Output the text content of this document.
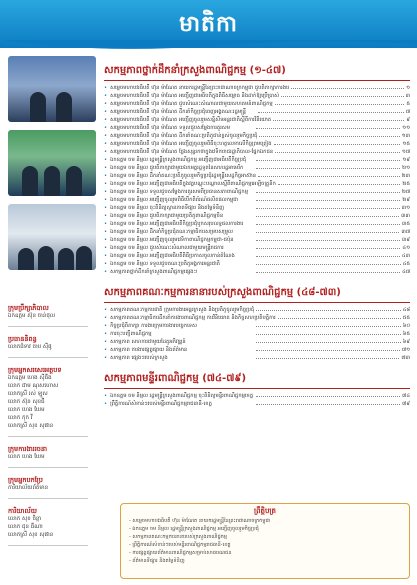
មាតិកា
ក្រុមប្រឹក្សាភិបាល
ឯកឧត្តម ស៊ុន ចាន់ថុល
ប្រធាននិពន្ធ
លោកជំទាវ ចាប ស៊ីផូ
ក្រុមអ្នកសរសេរអត្ថបទ
ឯកឧត្តម ហេង ស៊ីធីង
លោក ជាម ណុសហោស
លោកស្រី រស់ ឡូស
លោក ស៊ុន សុខធី
លោក ហេង ឃែម
លោក កុក វី
លោកស្រី សុខ សុផាន
ក្រុមការងាររចនា
លោក ហេង ឃែម
ក្រុមអ្នកបកប្រែ
ការិយាល័យព័ត៌មាន
ការិយាល័យ
លោក សុខ ចិន្តា
លោក ជុន ធីណា
លោកស្រី សុខ សុផាន
សកម្មភាពថ្នាក់ដឹកនាំក្រសួងពាណិជ្ជកម្ម (១-៤៧)
• សម្តេចមហាបវរធិបតី ហ៊ុន ម៉ាណែត នាយករដ្ឋមន្ត្រីនៃព្រះរាជាណាចក្រកម្ពុជា ជួបពិភាក្សាការងារ	១
• សម្តេចមហាបវរធិបតី ហ៊ុន ម៉ាណែត អញ្ជើញជាអធិបតីក្នុងពិធីសម្ពោធ និងដាក់ឱ្យប្រើប្រាស់	៣
• សម្តេចមហាបវរធិបតី ហ៊ុន ម៉ាណែត ជួបសំណេះសំណាលជាមួយសហគមន៍ពាណិជ្ជកម្ម	៥
• សម្តេចមហាបវរធិបតី ហ៊ុន ម៉ាណែត ដឹកនាំកិច្ចប្រជុំពេញអង្គគណៈរដ្ឋមន្ត្រី	៧
• សម្តេចមហាបវរធិបតី ហ៊ុន ម៉ាណែត អញ្ជើញចូលរួមសន្និសីទអន្តរជាតិស្តីពីការវិនិយោគ	៩
• សម្តេចមហាបវរធិបតី ហ៊ុន ម៉ាណែត ទទួលជួបសម្តែងការគួរសម	១១
• សម្តេចមហាបវរធិបតី ហ៊ុន ម៉ាណែត ដឹកនាំគណៈប្រតិភូជាន់ខ្ពស់ចូលរួមកិច្ចប្រជុំ	១៣
• សម្តេចមហាបវរធិបតី ហ៊ុន ម៉ាណែត អញ្ជើញចូលរួមពិធីចុះហត្ថលេខាលើកិច្ចព្រមព្រៀង	១៥
• សម្តេចមហាបវរធិបតី ហ៊ុន ម៉ាណែត ថ្លែងសុន្ទរកថាក្នុងវេទិការាជរដ្ឋាភិបាល-ផ្នែកឯកជន	១៧
• ឯកឧត្តម ចម និម្មល រដ្ឋមន្ត្រីក្រសួងពាណិជ្ជកម្ម អញ្ជើញជាអធិបតីកិច្ចប្រជុំ	១៩
• ឯកឧត្តម ចម និម្មល ជួបពិភាក្សាជាមួយឯកអគ្គរដ្ឋទូតនៃសហរដ្ឋអាមេរិក	២១
• ឯកឧត្តម ចម និម្មល ដឹកនាំគណៈប្រតិភូចូលរួមកិច្ចប្រជុំរដ្ឋមន្ត្រីសេដ្ឋកិច្ចអាស៊ាន	២៣
• ឯកឧត្តម ចម និម្មល អញ្ជើញជាអធិបតីក្នុងវគ្គបណ្តុះបណ្តាលស្តីពីពាណិជ្ជកម្មអេឡិចត្រូនិក	២៥
• ឯកឧត្តម ចម និម្មល ទទួលជួបសម្តែងការគួរសមពីប្រធានសភាពាណិជ្ជកម្ម	២៧
• ឯកឧត្តម ចម និម្មល អញ្ជើញចូលរួមពិធីបើកពិព័រណ៍ផលិតផលកម្ពុជា	២៩
• ឯកឧត្តម ចម និម្មល ចុះពិនិត្យស្ថានភាពទីផ្សារ និងតម្លៃទំនិញ	៣១
• ឯកឧត្តម ចម និម្មល ជួបពិភាក្សាជាមួយប្រតិភូពាណិជ្ជកម្មចិន	៣៣
• ឯកឧត្តម ចម និម្មល អញ្ជើញជាអធិបតីកិច្ចប្រជុំបូកសរុបលទ្ធផលការងារ	៣៥
• ឯកឧត្តម ចម និម្មល ដឹកនាំកិច្ចប្រជុំគណៈកម្មាធិការសម្របសម្រួល	៣៧
• ឯកឧត្តម ចម និម្មល អញ្ជើញចូលរួមវេទិកាពាណិជ្ជកម្មកម្ពុជា-ជប៉ុន	៣៩
• ឯកឧត្តម ចម និម្មល ជួបសំណេះសំណាលជាមួយមន្ត្រីរាជការ	៤១
• ឯកឧត្តម ចម និម្មល អញ្ជើញជាអធិបតីពិធីប្រកាសចូលកាន់តំណែង	៤៣
• ឯកឧត្តម ចម និម្មល ទទួលជួបគណៈប្រតិភូអង្គការអន្តរជាតិ	៤៥
• សកម្មភាពថ្នាក់ដឹកនាំក្រសួងពាណិជ្ជកម្មផ្សេងៗ	៤៧
សកម្មភាពគណៈកម្មការនានារបស់ក្រសួងពាណិជ្ជកម្ម (៤៨-៧៣)
• សកម្មភាពគណៈកម្មការជាតិ ក្រុមការងារអន្តរក្រសួង និងប្រតិភូចូលរួមកិច្ចប្រជុំ	៤៨
• សកម្មភាពគណៈកម្មាធិការដឹកនាំការងារពាណិជ្ជកម្ម ការវិនិយោគ និងកិច្ចសហប្រតិបត្តិការ	៥៥
• កិច្ចប្រជុំពិភាក្សា ការងារក្រុមការងារបច្ចេកទេស	៦០
• ការចុះបញ្ជីពាណិជ្ជកម្ម	៦៥
• សកម្មភាព សហការជាមួយដៃគូអភិវឌ្ឍន៍	៦៩
• សកម្មភាព ការងារផ្សព្វផ្សាយ និងព័ត៌មាន	៧១
• សកម្មភាព ផ្សេងៗរបស់ក្រសួង	៧៣
សកម្មភាពមន្ទីរពាណិជ្ជកម្ម (៧៤-៧៩)
• ឯកឧត្តម ចម និម្មល រដ្ឋមន្ត្រីក្រសួងពាណិជ្ជកម្ម ចុះពិនិត្យមន្ទីរពាណិជ្ជកម្មខេត្ត	៧៤
• ព្រឹត្តិការណ៍សំខាន់ៗរបស់មន្ទីរពាណិជ្ជកម្មរាជធានី-ខេត្ត	៧៩
ព្រឹត្តិបត្រ
- សម្តេចមហាបវរធិបតី ហ៊ុន ម៉ាណែត នាយករដ្ឋមន្ត្រីនៃព្រះរាជាណាចក្រកម្ពុជា
- ឯកឧត្តម ចម និម្មល រដ្ឋមន្ត្រីក្រសួងពាណិជ្ជកម្ម អញ្ជើញចូលរួមកិច្ចប្រជុំ
- សកម្មភាពគណៈកម្មការនានារបស់ក្រសួងពាណិជ្ជកម្ម
- ព្រឹត្តិការណ៍សំខាន់ៗរបស់មន្ទីរពាណិជ្ជកម្មរាជធានី-ខេត្ត
- ការផ្សព្វផ្សាយព័ត៌មានពាណិជ្ជកម្មសម្រាប់សាធារណជន
- ព័ត៌មានទីផ្សារ និងតម្លៃទំនិញ
